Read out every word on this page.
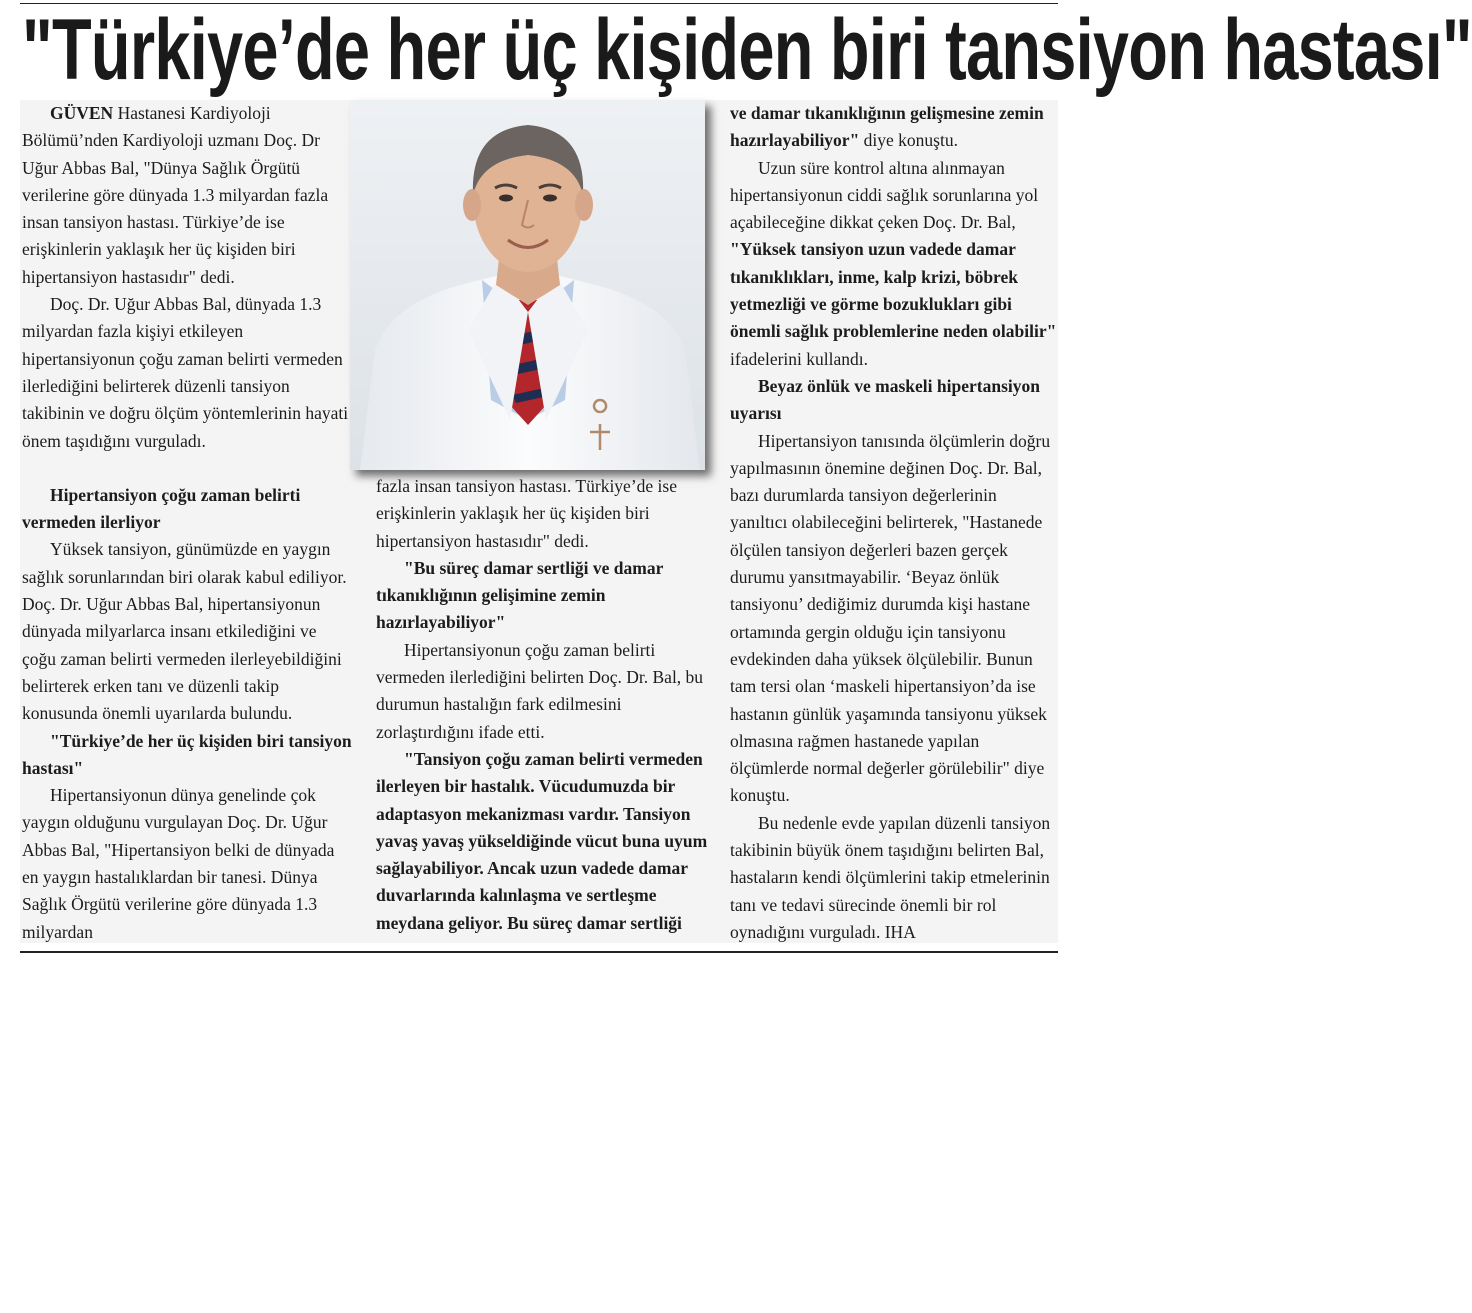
"Türkiye’de her üç kişiden biri tansiyon hastası"

GÜVEN Hastanesi Kardiyoloji Bölümü’nden Kardiyoloji uzmanı Doç. Dr Uğur Abbas Bal, "Dünya Sağlık Örgütü verilerine göre dünyada 1.3 milyardan fazla insan tansiyon hastası. Türkiye’de ise erişkinlerin yaklaşık her üç kişiden biri hipertansiyon hastasıdır" dedi.

Doç. Dr. Uğur Abbas Bal, dünyada 1.3 milyardan fazla kişiyi etkileyen hipertansiyonun çoğu zaman belirti vermeden ilerlediğini belirterek düzenli tansiyon takibinin ve doğru ölçüm yöntemlerinin hayati önem taşıdığını vurguladı.

Hipertansiyon çoğu zaman belirti vermeden ilerliyor

Yüksek tansiyon, günümüzde en yaygın sağlık sorunlarından biri olarak kabul ediliyor. Doç. Dr. Uğur Abbas Bal, hipertansiyonun dünyada milyarlarca insanı etkilediğini ve çoğu zaman belirti vermeden ilerleyebildiğini belirterek erken tanı ve düzenli takip konusunda önemli uyarılarda bulundu.

"Türkiye’de her üç kişiden biri tansiyon hastası"

Hipertansiyonun dünya genelinde çok yaygın olduğunu vurgulayan Doç. Dr. Uğur Abbas Bal, "Hipertansiyon belki de dünyada en yaygın hastalıklardan bir tanesi. Dünya Sağlık Örgütü verilerine göre dünyada 1.3 milyardan

fazla insan tansiyon hastası. Türkiye’de ise erişkinlerin yaklaşık her üç kişiden biri hipertansiyon hastasıdır" dedi.

"Bu süreç damar sertliği ve damar tıkanıklığının gelişimine zemin hazırlayabiliyor"

Hipertansiyonun çoğu zaman belirti vermeden ilerlediğini belirten Doç. Dr. Bal, bu durumun hastalığın fark edilmesini zorlaştırdığını ifade etti.

"Tansiyon çoğu zaman belirti vermeden ilerleyen bir hastalık. Vücudumuzda bir adaptasyon mekanizması vardır. Tansiyon yavaş yavaş yükseldiğinde vücut buna uyum sağlayabiliyor. Ancak uzun vadede damar duvarlarında kalınlaşma ve sertleşme meydana geliyor. Bu süreç damar sertliği

ve damar tıkanıklığının gelişmesine zemin hazırlayabiliyor" diye konuştu.

Uzun süre kontrol altına alınmayan hipertansiyonun ciddi sağlık sorunlarına yol açabileceğine dikkat çeken Doç. Dr. Bal, "Yüksek tansiyon uzun vadede damar tıkanıklıkları, inme, kalp krizi, böbrek yetmezliği ve görme bozuklukları gibi önemli sağlık problemlerine neden olabilir" ifadelerini kullandı.

Beyaz önlük ve maskeli hipertansiyon uyarısı

Hipertansiyon tanısında ölçümlerin doğru yapılmasının önemine değinen Doç. Dr. Bal, bazı durumlarda tansiyon değerlerinin yanıltıcı olabileceğini belirterek, "Hastanede ölçülen tansiyon değerleri bazen gerçek durumu yansıtmayabilir. ‘Beyaz önlük tansiyonu’ dediğimiz durumda kişi hastane ortamında gergin olduğu için tansiyonu evdekinden daha yüksek ölçülebilir. Bunun tam tersi olan ‘maskeli hipertansiyon’da ise hastanın günlük yaşamında tansiyonu yüksek olmasına rağmen hastanede yapılan ölçümlerde normal değerler görülebilir" diye konuştu.

Bu nedenle evde yapılan düzenli tansiyon takibinin büyük önem taşıdığını belirten Bal, hastaların kendi ölçümlerini takip etmelerinin tanı ve tedavi sürecinde önemli bir rol oynadığını vurguladı. IHA
